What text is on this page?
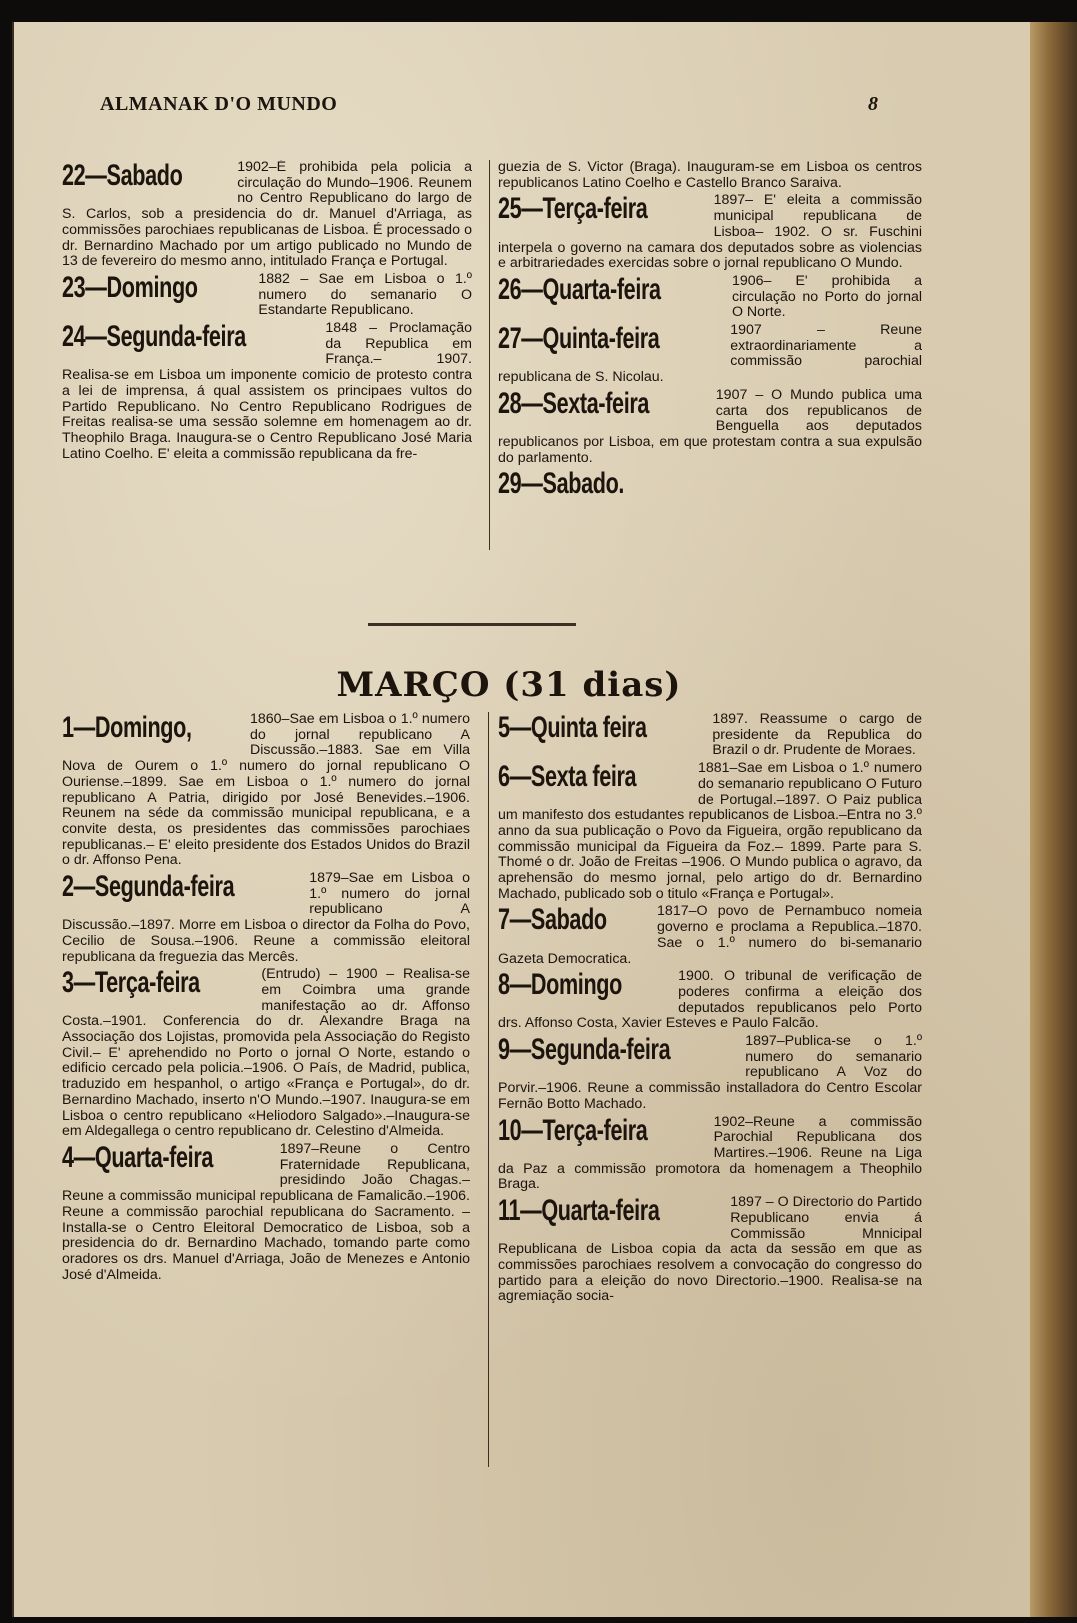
ALMANAK D'O MUNDO	8
22—Sabado	1902–É prohibida pela policia a circulação do Mundo–1906. Reunem no Centro Republicano do largo de S. Carlos, sob a presidencia do dr. Manuel d'Arriaga, as commissões parochiaes republicanas de Lisboa. É processado o dr. Bernardino Machado por um artigo publicado no Mundo de 13 de fevereiro do mesmo anno, intitulado França e Portugal.
23—Domingo	1882 – Sae em Lisboa o 1.º numero do semanario O Estandarte Republicano.
24—Segunda-feira	1848 – Proclamação da Republica em França.– 1907. Realisa-se em Lisboa um imponente comicio de protesto contra a lei de imprensa, á qual assistem os principaes vultos do Partido Republicano. No Centro Republicano Rodrigues de Freitas realisa-se uma sessão solemne em homenagem ao dr. Theophilo Braga. Inaugura-se o Centro Republicano José Maria Latino Coelho. E' eleita a commissão republicana da fre-
guezia de S. Victor (Braga). Inauguram-se em Lisboa os centros republicanos Latino Coelho e Castello Branco Saraiva.
25—Terça-feira	1897– E' eleita a commissão municipal republicana de Lisboa– 1902. O sr. Fuschini interpela o governo na camara dos deputados sobre as violencias e arbitrariedades exercidas sobre o jornal republicano O Mundo.
26—Quarta-feira	1906– E' prohibida a circulação no Porto do jornal O Norte.
27—Quinta-feira	1907 – Reune extraordinariamente a commissão parochial republicana de S. Nicolau.
28—Sexta-feira	1907 – O Mundo publica uma carta dos republicanos de Benguella aos deputados republicanos por Lisboa, em que protestam contra a sua expulsão do parlamento.
29—Sabado.
MARÇO (31 dias)
1—Domingo,	1860–Sae em Lisboa o 1.º numero do jornal republicano A Discussão.–1883. Sae em Villa Nova de Ourem o 1.º numero do jornal republicano O Ouriense.–1899. Sae em Lisboa o 1.º numero do jornal republicano A Patria, dirigido por José Benevides.–1906. Reunem na séde da commissão municipal republicana, e a convite desta, os presidentes das commissões parochiaes republicanas.– E' eleito presidente dos Estados Unidos do Brazil o dr. Affonso Pena.
2—Segunda-feira	1879–Sae em Lisboa o 1.º numero do jornal republicano A Discussão.–1897. Morre em Lisboa o director da Folha do Povo, Cecilio de Sousa.–1906. Reune a commissão eleitoral republicana da freguezia das Mercês.
3—Terça-feira	(Entrudo) – 1900 – Realisa-se em Coimbra uma grande manifestação ao dr. Affonso Costa.–1901. Conferencia do dr. Alexandre Braga na Associação dos Lojistas, promovida pela Associação do Registo Civil.– E' aprehendido no Porto o jornal O Norte, estando o edificio cercado pela policia.–1906. O País, de Madrid, publica, traduzido em hespanhol, o artigo «França e Portugal», do dr. Bernardino Machado, inserto n'O Mundo.–1907. Inaugura-se em Lisboa o centro republicano «Heliodoro Salgado».–Inaugura-se em Aldegallega o centro republicano dr. Celestino d'Almeida.
4—Quarta-feira	1897–Reune o Centro Fraternidade Republicana, presidindo João Chagas.–Reune a commissão municipal republicana de Famalicão.–1906. Reune a commissão parochial republicana do Sacramento. –Installa-se o Centro Eleitoral Democratico de Lisboa, sob a presidencia do dr. Bernardino Machado, tomando parte como oradores os drs. Manuel d'Arriaga, João de Menezes e Antonio José d'Almeida.
5—Quinta feira	1897. Reassume o cargo de presidente da Republica do Brazil o dr. Prudente de Moraes.
6—Sexta feira	1881–Sae em Lisboa o 1.º numero do semanario republicano O Futuro de Portugal.–1897. O Paiz publica um manifesto dos estudantes republicanos de Lisboa.–Entra no 3.º anno da sua publicação o Povo da Figueira, orgão republicano da commissão municipal da Figueira da Foz.– 1899. Parte para S. Thomé o dr. João de Freitas –1906. O Mundo publica o agravo, da aprehensão do mesmo jornal, pelo artigo do dr. Bernardino Machado, publicado sob o titulo «França e Portugal».
7—Sabado	1817–O povo de Pernambuco nomeia governo e proclama a Republica.–1870. Sae o 1.º numero do bi-semanario Gazeta Democratica.
8—Domingo	1900. O tribunal de verificação de poderes confirma a eleição dos deputados republicanos pelo Porto drs. Affonso Costa, Xavier Esteves e Paulo Falcão.
9—Segunda-feira	1897–Publica-se o 1.º numero do semanario republicano A Voz do Porvir.–1906. Reune a commissão installadora do Centro Escolar Fernão Botto Machado.
10—Terça-feira	1902–Reune a commissão Parochial Republicana dos Martires.–1906. Reune na Liga da Paz a commissão promotora da homenagem a Theophilo Braga.
11—Quarta-feira	1897 – O Directorio do Partido Republicano envia á Commissão Mnnicipal Republicana de Lisboa copia da acta da sessão em que as commissões parochiaes resolvem a convocação do congresso do partido para a eleição do novo Directorio.–1900. Realisa-se na agremiação socia-
